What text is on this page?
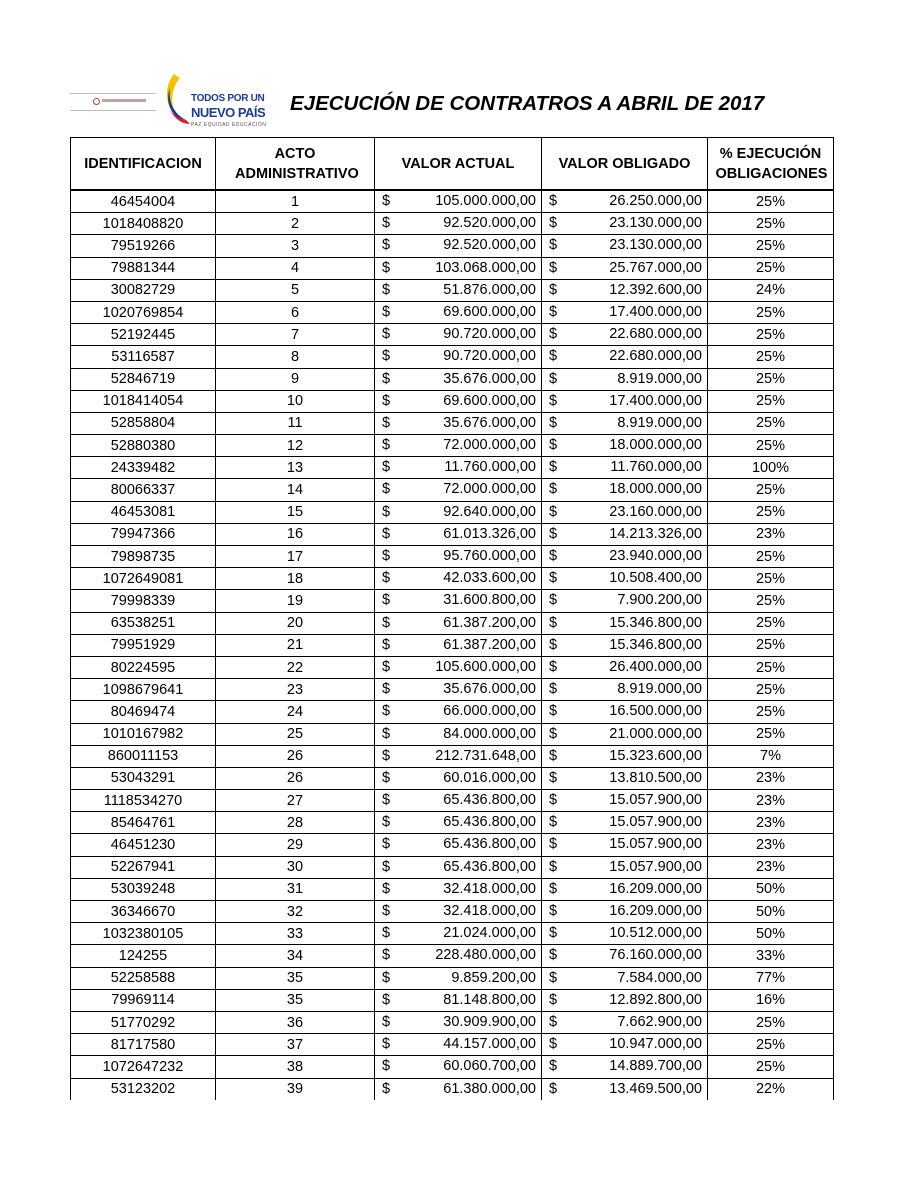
TODOS POR UN
NUEVO PAÍS
PAZ EQUIDAD EDUCACIÓN
EJECUCIÓN DE CONTRATROS A ABRIL DE 2017
IDENTIFICACION	ACTO ADMINISTRATIVO	VALOR ACTUAL	VALOR OBLIGADO	% EJECUCIÓN OBLIGACIONES

46454004	1	$ 105.000.000,00	$ 26.250.000,00	25%
1018408820	2	$ 92.520.000,00	$ 23.130.000,00	25%
79519266	3	$ 92.520.000,00	$ 23.130.000,00	25%
79881344	4	$ 103.068.000,00	$ 25.767.000,00	25%
30082729	5	$ 51.876.000,00	$ 12.392.600,00	24%
1020769854	6	$ 69.600.000,00	$ 17.400.000,00	25%
52192445	7	$ 90.720.000,00	$ 22.680.000,00	25%
53116587	8	$ 90.720.000,00	$ 22.680.000,00	25%
52846719	9	$ 35.676.000,00	$ 8.919.000,00	25%
1018414054	10	$ 69.600.000,00	$ 17.400.000,00	25%
52858804	11	$ 35.676.000,00	$ 8.919.000,00	25%
52880380	12	$ 72.000.000,00	$ 18.000.000,00	25%
24339482	13	$ 11.760.000,00	$ 11.760.000,00	100%
80066337	14	$ 72.000.000,00	$ 18.000.000,00	25%
46453081	15	$ 92.640.000,00	$ 23.160.000,00	25%
79947366	16	$ 61.013.326,00	$ 14.213.326,00	23%
79898735	17	$ 95.760.000,00	$ 23.940.000,00	25%
1072649081	18	$ 42.033.600,00	$ 10.508.400,00	25%
79998339	19	$ 31.600.800,00	$ 7.900.200,00	25%
63538251	20	$ 61.387.200,00	$ 15.346.800,00	25%
79951929	21	$ 61.387.200,00	$ 15.346.800,00	25%
80224595	22	$ 105.600.000,00	$ 26.400.000,00	25%
1098679641	23	$ 35.676.000,00	$ 8.919.000,00	25%
80469474	24	$ 66.000.000,00	$ 16.500.000,00	25%
1010167982	25	$ 84.000.000,00	$ 21.000.000,00	25%
860011153	26	$ 212.731.648,00	$ 15.323.600,00	7%
53043291	26	$ 60.016.000,00	$ 13.810.500,00	23%
1118534270	27	$ 65.436.800,00	$ 15.057.900,00	23%
85464761	28	$ 65.436.800,00	$ 15.057.900,00	23%
46451230	29	$ 65.436.800,00	$ 15.057.900,00	23%
52267941	30	$ 65.436.800,00	$ 15.057.900,00	23%
53039248	31	$ 32.418.000,00	$ 16.209.000,00	50%
36346670	32	$ 32.418.000,00	$ 16.209.000,00	50%
1032380105	33	$ 21.024.000,00	$ 10.512.000,00	50%
124255	34	$ 228.480.000,00	$ 76.160.000,00	33%
52258588	35	$ 9.859.200,00	$ 7.584.000,00	77%
79969114	35	$ 81.148.800,00	$ 12.892.800,00	16%
51770292	36	$ 30.909.900,00	$ 7.662.900,00	25%
81717580	37	$ 44.157.000,00	$ 10.947.000,00	25%
1072647232	38	$ 60.060.700,00	$ 14.889.700,00	25%
53123202	39	$ 61.380.000,00	$ 13.469.500,00	22%
